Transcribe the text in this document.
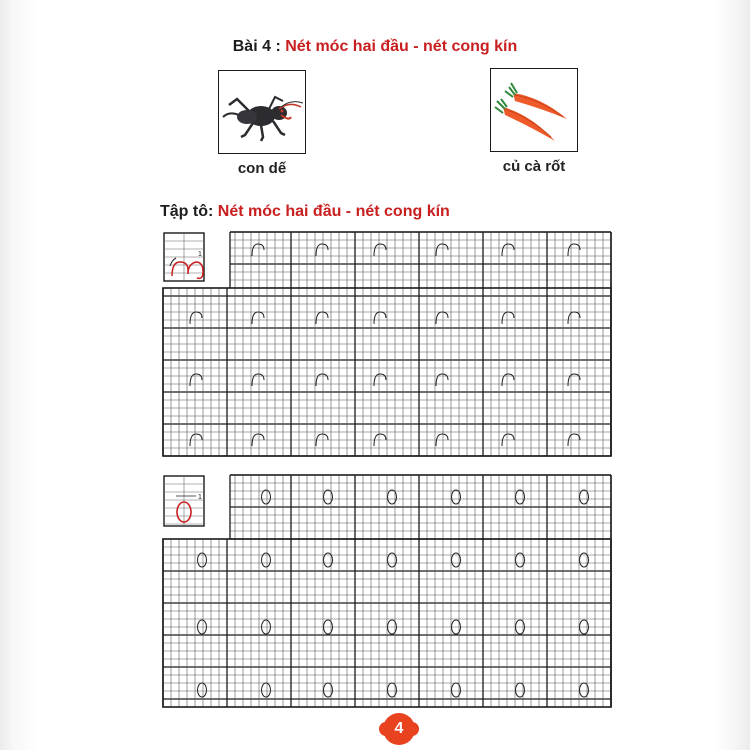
Bài 4 : Nét móc hai đầu - nét cong kín
con dế	củ cà rốt
Tập tô: Nét móc hai đầu - nét cong kín
1
1
4
